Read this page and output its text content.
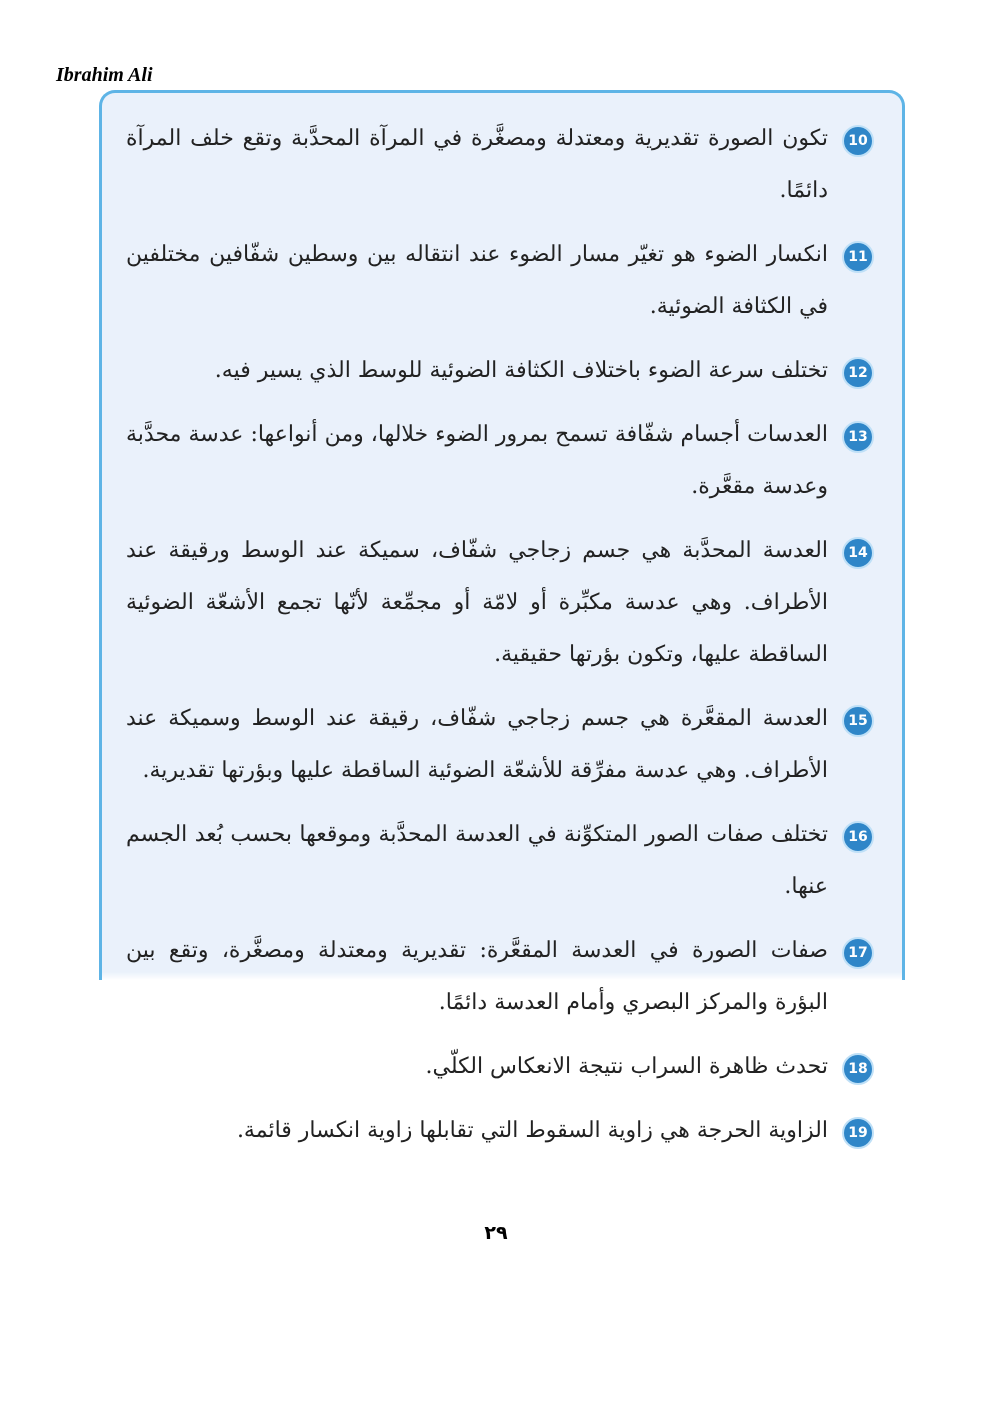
Ibrahim Ali
10
تكون الصورة تقديرية ومعتدلة ومصغَّرة في المرآة المحدَّبة وتقع خلف المرآة دائمًا.
11
انكسار الضوء هو تغيّر مسار الضوء عند انتقاله بين وسطين شفّافين مختلفين في الكثافة الضوئية.
12
تختلف سرعة الضوء باختلاف الكثافة الضوئية للوسط الذي يسير فيه.
13
العدسات أجسام شفّافة تسمح بمرور الضوء خلالها، ومن أنواعها: عدسة محدَّبة وعدسة مقعَّرة.
14
العدسة المحدَّبة هي جسم زجاجي شفّاف، سميكة عند الوسط ورقيقة عند الأطراف. وهي عدسة مكبِّرة أو لامّة أو مجمِّعة لأنّها تجمع الأشعّة الضوئية الساقطة عليها، وتكون بؤرتها حقيقية.
15
العدسة المقعَّرة هي جسم زجاجي شفّاف، رقيقة عند الوسط وسميكة عند الأطراف. وهي عدسة مفرِّقة للأشعّة الضوئية الساقطة عليها وبؤرتها تقديرية.
16
تختلف صفات الصور المتكوِّنة في العدسة المحدَّبة وموقعها بحسب بُعد الجسم عنها.
17
صفات الصورة في العدسة المقعَّرة: تقديرية ومعتدلة ومصغَّرة، وتقع بين البؤرة والمركز البصري وأمام العدسة دائمًا.
18
تحدث ظاهرة السراب نتيجة الانعكاس الكلّي.
19
الزاوية الحرجة هي زاوية السقوط التي تقابلها زاوية انكسار قائمة.
٢٩
